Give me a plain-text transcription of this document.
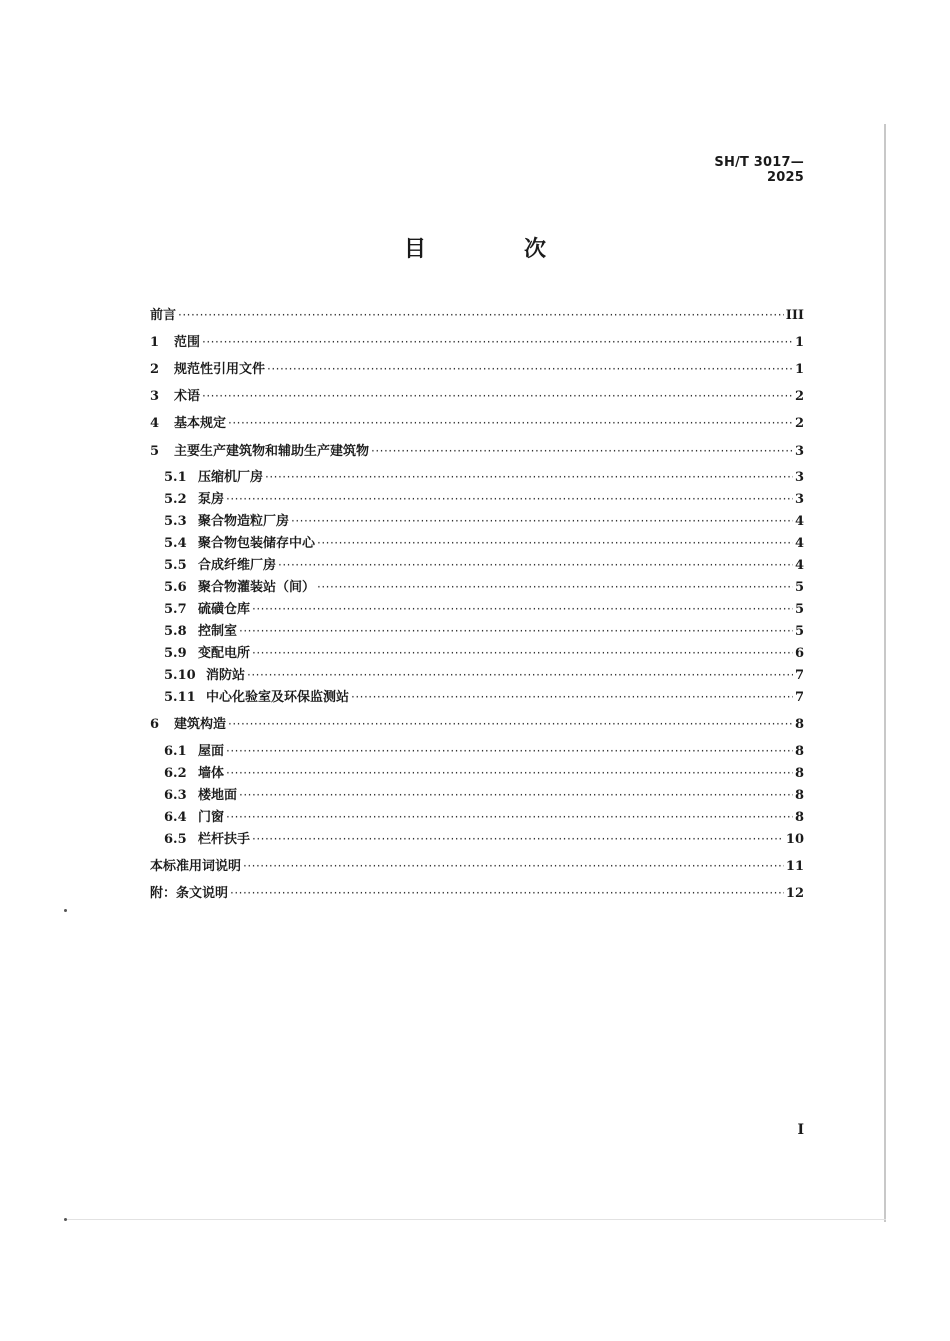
SH/T 3017—2025
目　次
前言 ·····	III
1	范围 ·····	1
2	规范性引用文件 ·····	1
3	术语 ·····	2
4	基本规定 ·····	2
5	主要生产建筑物和辅助生产建筑物 ·····	3
5.1 压缩机厂房 ·····	3
5.2 泵房 ·····	3
5.3 聚合物造粒厂房 ·····	4
5.4 聚合物包装储存中心 ·····	4
5.5 合成纤维厂房 ·····	4
5.6 聚合物灌装站（间） ·····	5
5.7 硫磺仓库 ·····	5
5.8 控制室 ·····	5
5.9 变配电所 ·····	6
5.10 消防站 ·····	7
5.11 中心化验室及环保监测站 ·····	7
6	建筑构造 ·····	8
6.1 屋面 ·····	8
6.2 墙体 ·····	8
6.3 楼地面 ·····	8
6.4 门窗 ·····	8
6.5 栏杆扶手 ·····	10
本标准用词说明 ·····	11
附：条文说明 ·····	12
I
